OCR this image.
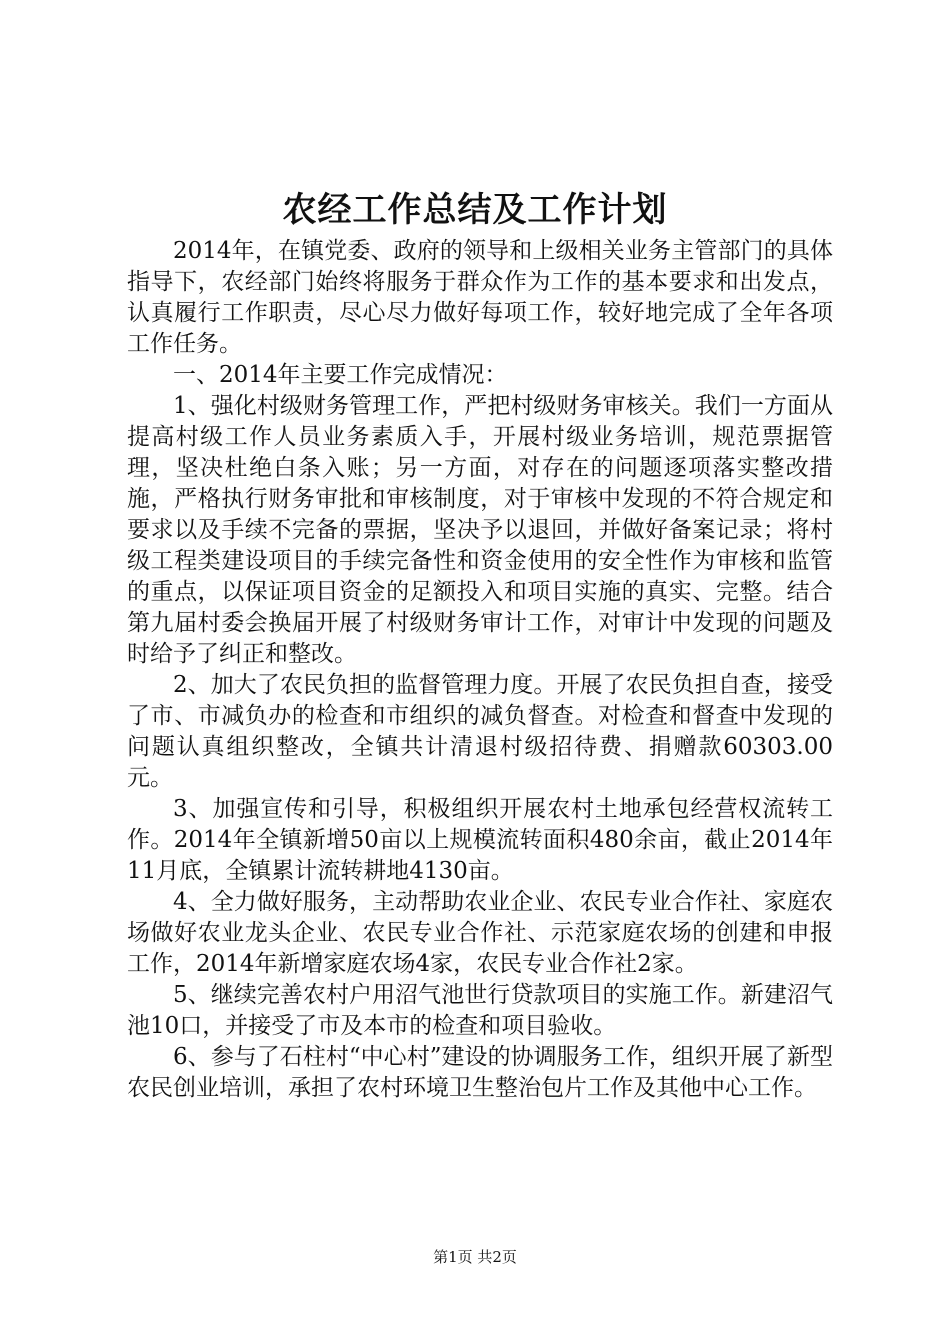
农经工作总结及工作计划

2014年，在镇党委、政府的领导和上级相关业务主管部门的具体指导下，农经部门始终将服务于群众作为工作的基本要求和出发点，认真履行工作职责，尽心尽力做好每项工作，较好地完成了全年各项工作任务。

一、2014年主要工作完成情况：

1、强化村级财务管理工作，严把村级财务审核关。我们一方面从提高村级工作人员业务素质入手，开展村级业务培训，规范票据管理，坚决杜绝白条入账；另一方面，对存在的问题逐项落实整改措施，严格执行财务审批和审核制度，对于审核中发现的不符合规定和要求以及手续不完备的票据，坚决予以退回，并做好备案记录；将村级工程类建设项目的手续完备性和资金使用的安全性作为审核和监管的重点，以保证项目资金的足额投入和项目实施的真实、完整。结合第九届村委会换届开展了村级财务审计工作，对审计中发现的问题及时给予了纠正和整改。

2、加大了农民负担的监督管理力度。开展了农民负担自查，接受了市、市减负办的检查和市组织的减负督查。对检查和督查中发现的问题认真组织整改，全镇共计清退村级招待费、捐赠款60303.00元。

3、加强宣传和引导，积极组织开展农村土地承包经营权流转工作。2014年全镇新增50亩以上规模流转面积480余亩，截止2014年11月底，全镇累计流转耕地4130亩。

4、全力做好服务，主动帮助农业企业、农民专业合作社、家庭农场做好农业龙头企业、农民专业合作社、示范家庭农场的创建和申报工作，2014年新增家庭农场4家，农民专业合作社2家。

5、继续完善农村户用沼气池世行贷款项目的实施工作。新建沼气池10口，并接受了市及本市的检查和项目验收。

6、参与了石柱村“中心村”建设的协调服务工作，组织开展了新型农民创业培训，承担了农村环境卫生整治包片工作及其他中心工作。

第1页 共2页
